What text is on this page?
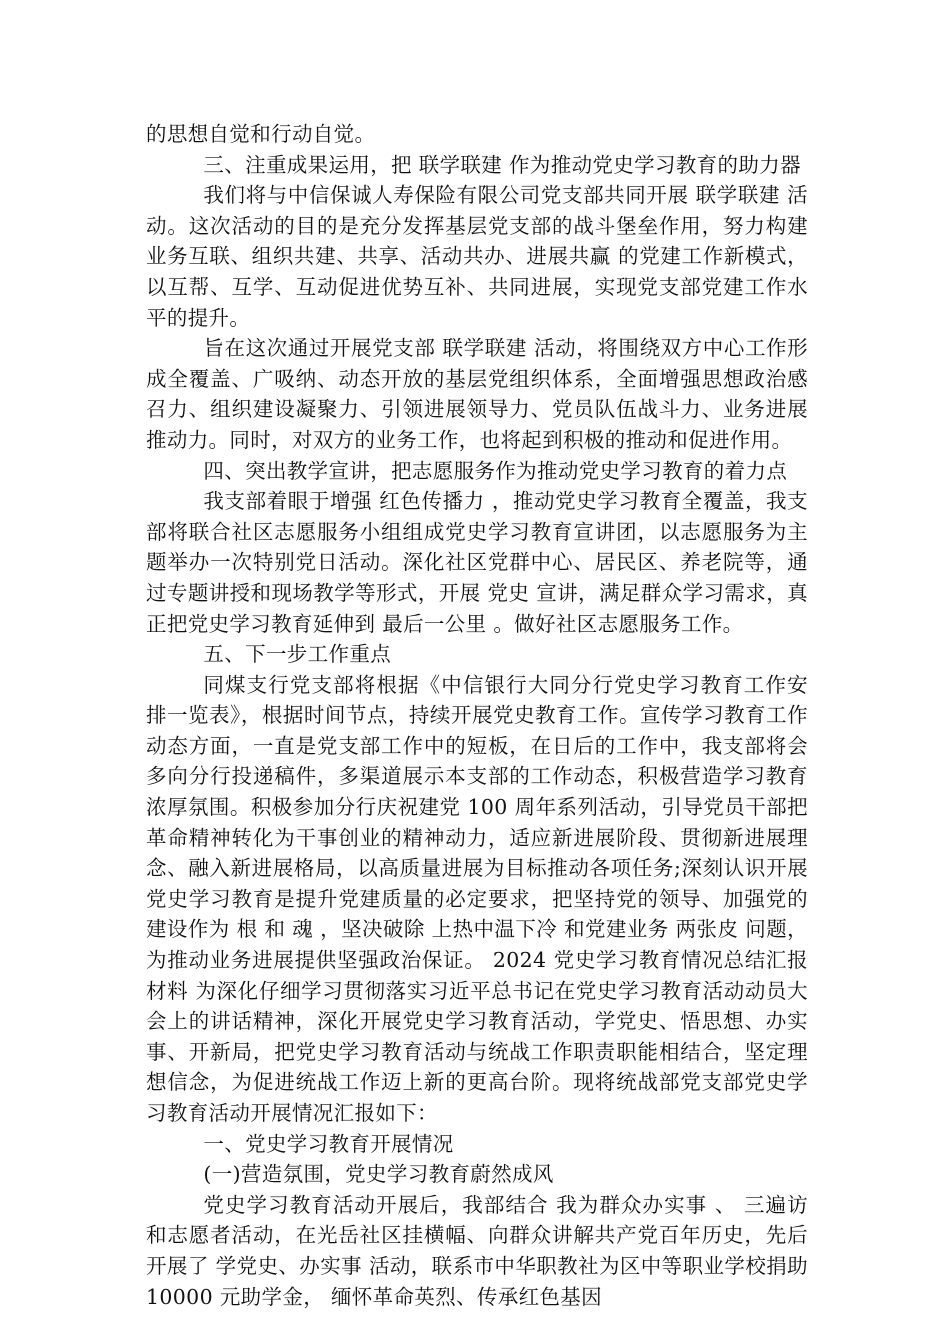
的思想自觉和行动自觉。

三、注重成果运用，把 联学联建 作为推动党史学习教育的助力器

我们将与中信保诚人寿保险有限公司党支部共同开展 联学联建 活动。这次活动的目的是充分发挥基层党支部的战斗堡垒作用，努力构建 业务互联、组织共建、共享、活动共办、进展共赢 的党建工作新模式，以互帮、互学、互动促进优势互补、共同进展，实现党支部党建工作水平的提升。

旨在这次通过开展党支部 联学联建 活动，将围绕双方中心工作形成全覆盖、广吸纳、动态开放的基层党组织体系，全面增强思想政治感召力、组织建设凝聚力、引领进展领导力、党员队伍战斗力、业务进展推动力。同时，对双方的业务工作，也将起到积极的推动和促进作用。

四、突出教学宣讲，把志愿服务作为推动党史学习教育的着力点

我支部着眼于增强 红色传播力 ，推动党史学习教育全覆盖，我支部将联合社区志愿服务小组组成党史学习教育宣讲团，以志愿服务为主题举办一次特别党日活动。深化社区党群中心、居民区、养老院等，通过专题讲授和现场教学等形式，开展 党史 宣讲，满足群众学习需求，真正把党史学习教育延伸到 最后一公里 。做好社区志愿服务工作。

五、下一步工作重点

同煤支行党支部将根据《中信银行大同分行党史学习教育工作安排一览表》，根据时间节点，持续开展党史教育工作。宣传学习教育工作动态方面，一直是党支部工作中的短板，在日后的工作中，我支部将会多向分行投递稿件，多渠道展示本支部的工作动态，积极营造学习教育浓厚氛围。积极参加分行庆祝建党 100 周年系列活动，引导党员干部把革命精神转化为干事创业的精神动力，适应新进展阶段、贯彻新进展理念、融入新进展格局，以高质量进展为目标推动各项任务;深刻认识开展党史学习教育是提升党建质量的必定要求，把坚持党的领导、加强党的建设作为 根 和 魂 ，坚决破除 上热中温下冷 和党建业务 两张皮 问题，为推动业务进展提供坚强政治保证。 2024 党史学习教育情况总结汇报材料 为深化仔细学习贯彻落实习近平总书记在党史学习教育活动动员大会上的讲话精神，深化开展党史学习教育活动，学党史、悟思想、办实事、开新局，把党史学习教育活动与统战工作职责职能相结合，坚定理想信念，为促进统战工作迈上新的更高台阶。现将统战部党支部党史学习教育活动开展情况汇报如下：

一、党史学习教育开展情况

(一)营造氛围，党史学习教育蔚然成风

党史学习教育活动开展后，我部结合 我为群众办实事 、 三遍访 和志愿者活动，在光岳社区挂横幅、向群众讲解共产党百年历史，先后开展了 学党史、办实事 活动，联系市中华职教社为区中等职业学校捐助 10000 元助学金， 缅怀革命英烈、传承红色基因
